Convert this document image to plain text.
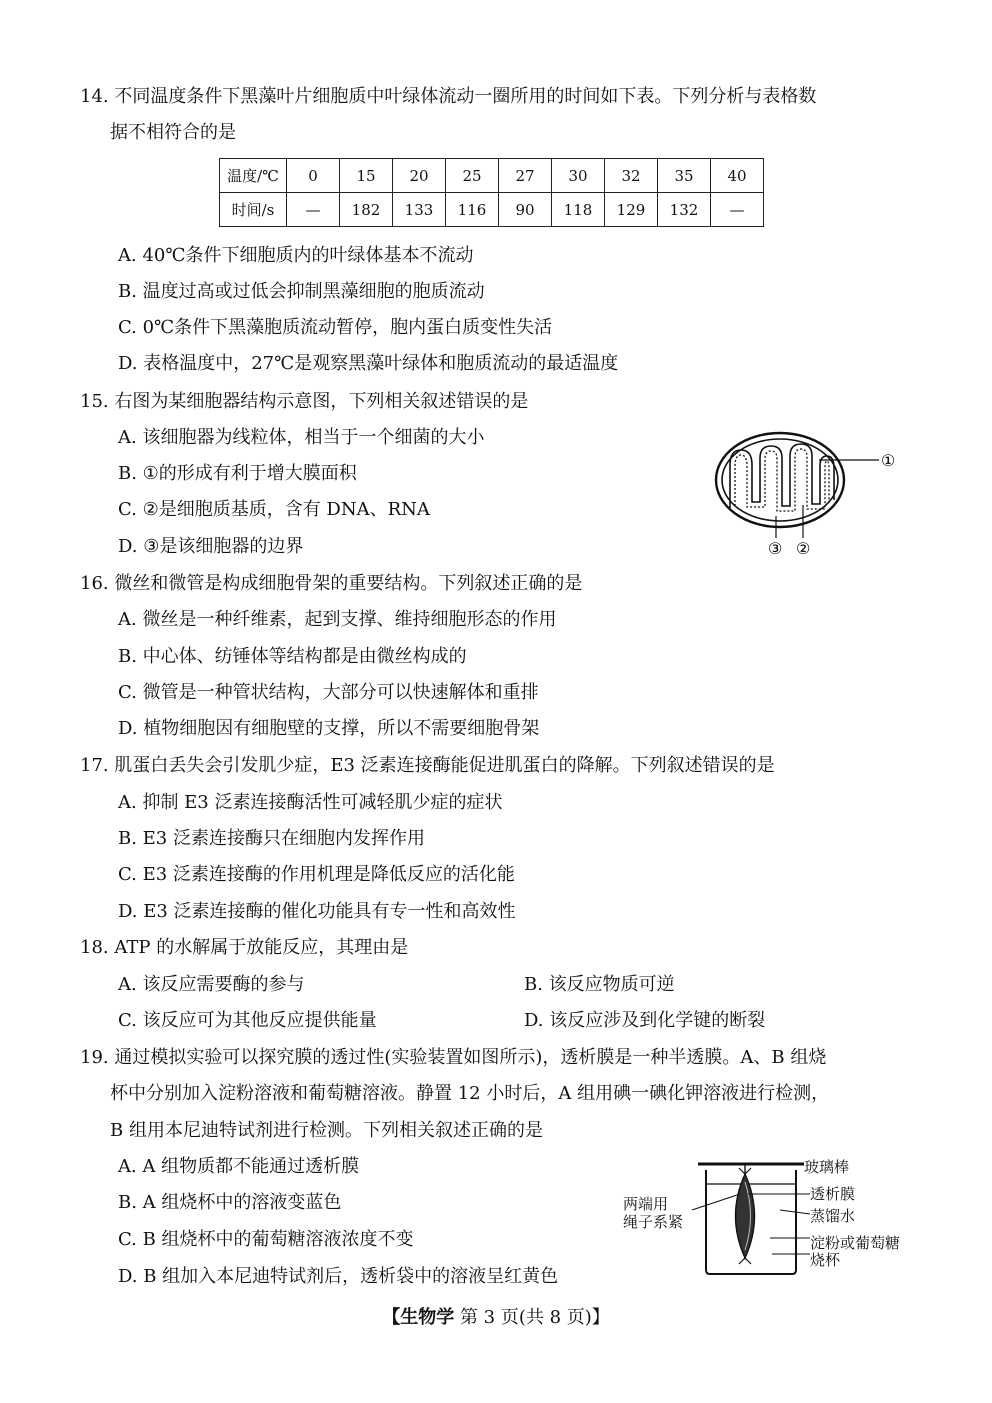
14. 不同温度条件下黑藻叶片细胞质中叶绿体流动一圈所用的时间如下表。下列分析与表格数
据不相符合的是
温度/℃	0	15	20	25	27	30	32	35	40
时间/s	—	182	133	116	90	118	129	132	—
A. 40℃条件下细胞质内的叶绿体基本不流动
B. 温度过高或过低会抑制黑藻细胞的胞质流动
C. 0℃条件下黑藻胞质流动暂停，胞内蛋白质变性失活
D. 表格温度中，27℃是观察黑藻叶绿体和胞质流动的最适温度
15. 右图为某细胞器结构示意图，下列相关叙述错误的是
A. 该细胞器为线粒体，相当于一个细菌的大小
B. ①的形成有利于增大膜面积
C. ②是细胞质基质，含有 DNA、RNA
D. ③是该细胞器的边界
①
③ ②
16. 微丝和微管是构成细胞骨架的重要结构。下列叙述正确的是
A. 微丝是一种纤维素，起到支撑、维持细胞形态的作用
B. 中心体、纺锤体等结构都是由微丝构成的
C. 微管是一种管状结构，大部分可以快速解体和重排
D. 植物细胞因有细胞壁的支撑，所以不需要细胞骨架
17. 肌蛋白丢失会引发肌少症，E3 泛素连接酶能促进肌蛋白的降解。下列叙述错误的是
A. 抑制 E3 泛素连接酶活性可减轻肌少症的症状
B. E3 泛素连接酶只在细胞内发挥作用
C. E3 泛素连接酶的作用机理是降低反应的活化能
D. E3 泛素连接酶的催化功能具有专一性和高效性
18. ATP 的水解属于放能反应，其理由是
A. 该反应需要酶的参与	B. 该反应物质可逆
C. 该反应可为其他反应提供能量	D. 该反应涉及到化学键的断裂
19. 通过模拟实验可以探究膜的透过性(实验装置如图所示)，透析膜是一种半透膜。A、B 组烧
杯中分别加入淀粉溶液和葡萄糖溶液。静置 12 小时后，A 组用碘一碘化钾溶液进行检测，
B 组用本尼迪特试剂进行检测。下列相关叙述正确的是
A. A 组物质都不能通过透析膜
B. A 组烧杯中的溶液变蓝色
C. B 组烧杯中的葡萄糖溶液浓度不变
D. B 组加入本尼迪特试剂后，透析袋中的溶液呈红黄色
玻璃棒
透析膜
蒸馏水
淀粉或葡萄糖
烧杯
两端用
绳子系紧
【生物学 第 3 页(共 8 页)】
